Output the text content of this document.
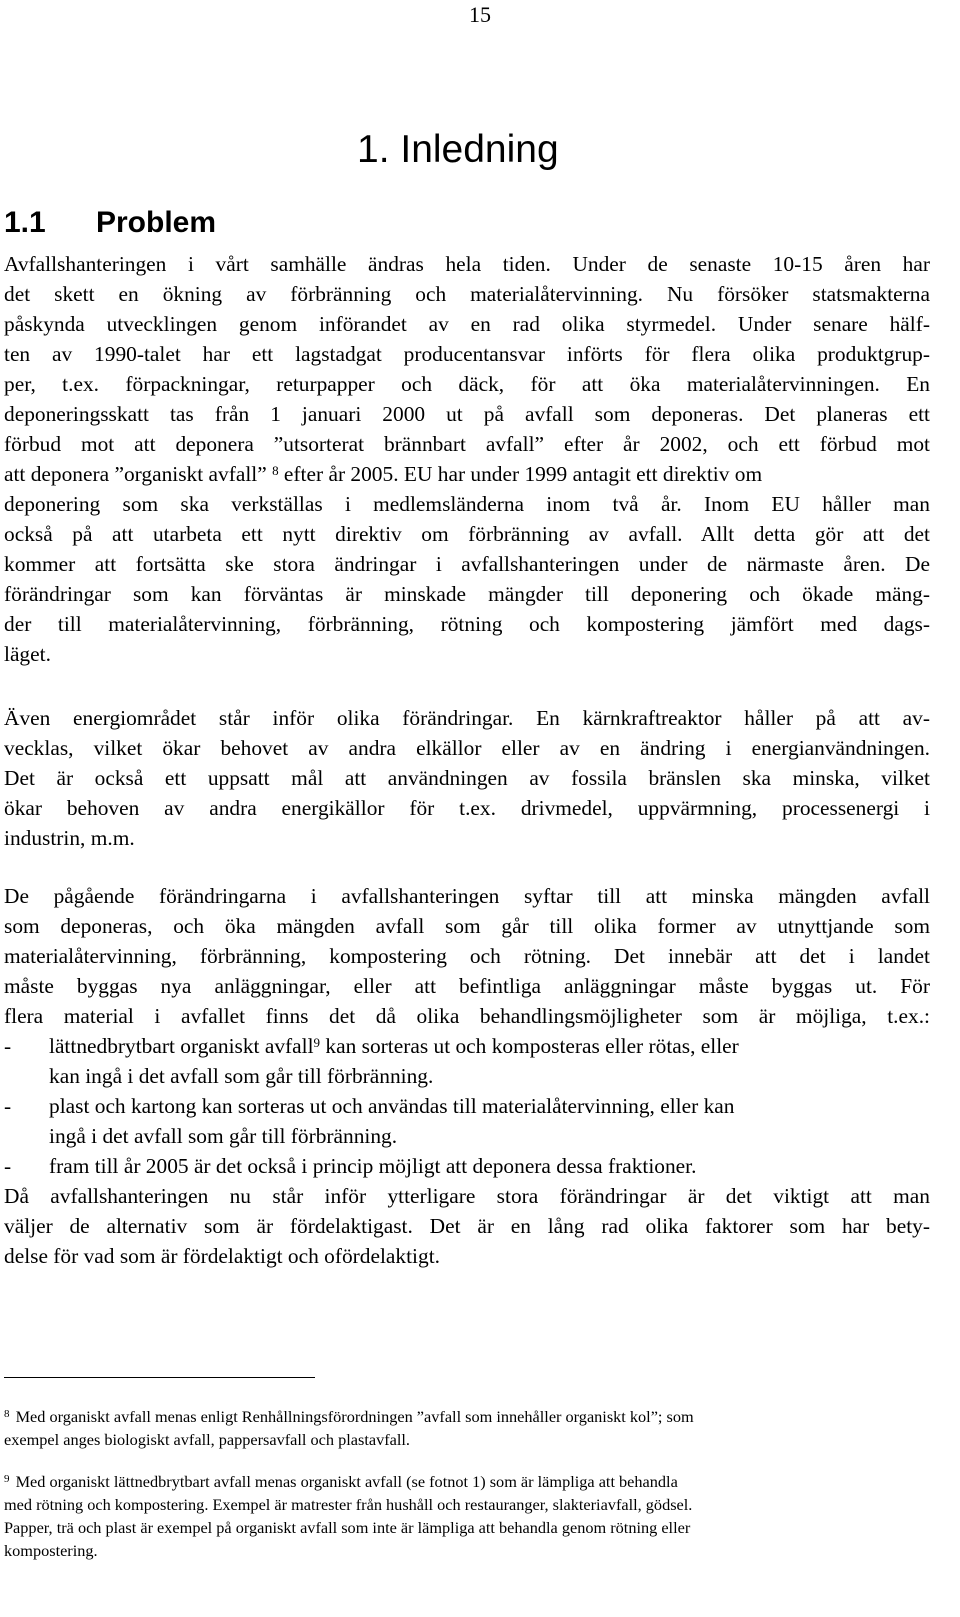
15
1. Inledning
1.1 Problem
Avfallshanteringen i vårt samhälle ändras hela tiden. Under de senaste 10-15 åren har
det skett en ökning av förbränning och materialåtervinning. Nu försöker statsmakterna
påskynda utvecklingen genom införandet av en rad olika styrmedel. Under senare hälf-
ten av 1990-talet har ett lagstadgat producentansvar införts för flera olika produktgrup-
per, t.ex. förpackningar, returpapper och däck, för att öka materialåtervinningen. En
deponeringsskatt tas från 1 januari 2000 ut på avfall som deponeras. Det planeras ett
förbud mot att deponera ”utsorterat brännbart avfall” efter år 2002, och ett förbud mot
att deponera ”organiskt avfall” $^8$ efter år 2005. EU har under 1999 antagit ett direktiv om
deponering som ska verkställas i medlemsländerna inom två år. Inom EU håller man
också på att utarbeta ett nytt direktiv om förbränning av avfall. Allt detta gör att det
kommer att fortsätta ske stora ändringar i avfallshanteringen under de närmaste åren. De
förändringar som kan förväntas är minskade mängder till deponering och ökade mäng-
der till materialåtervinning, förbränning, rötning och kompostering jämfört med dags-
läget.
Även energiområdet står inför olika förändringar. En kärnkraftreaktor håller på att av-
vecklas, vilket ökar behovet av andra elkällor eller av en ändring i energianvändningen.
Det är också ett uppsatt mål att användningen av fossila bränslen ska minska, vilket
ökar behoven av andra energikällor för t.ex. drivmedel, uppvärmning, processenergi i
industrin, m.m.
De pågående förändringarna i avfallshanteringen syftar till att minska mängden avfall
som deponeras, och öka mängden avfall som går till olika former av utnyttjande som
materialåtervinning, förbränning, kompostering och rötning. Det innebär att det i landet
måste byggas nya anläggningar, eller att befintliga anläggningar måste byggas ut. För
flera material i avfallet finns det då olika behandlingsmöjligheter som är möjliga, t.ex.:
- lättnedbrytbart organiskt avfall$^9$ kan sorteras ut och komposteras eller rötas, eller
kan ingå i det avfall som går till förbränning.
- plast och kartong kan sorteras ut och användas till materialåtervinning, eller kan
ingå i det avfall som går till förbränning.
- fram till år 2005 är det också i princip möjligt att deponera dessa fraktioner.
Då avfallshanteringen nu står inför ytterligare stora förändringar är det viktigt att man
väljer de alternativ som är fördelaktigast. Det är en lång rad olika faktorer som har bety-
delse för vad som är fördelaktigt och ofördelaktigt.
$^8$ Med organiskt avfall menas enligt Renhållningsförordningen ”avfall som innehåller organiskt kol”; som
exempel anges biologiskt avfall, pappersavfall och plastavfall.
$^9$ Med organiskt lättnedbrytbart avfall menas organiskt avfall (se fotnot 1) som är lämpliga att behandla
med rötning och kompostering. Exempel är matrester från hushåll och restauranger, slakteriavfall, gödsel.
Papper, trä och plast är exempel på organiskt avfall som inte är lämpliga att behandla genom rötning eller
kompostering.
